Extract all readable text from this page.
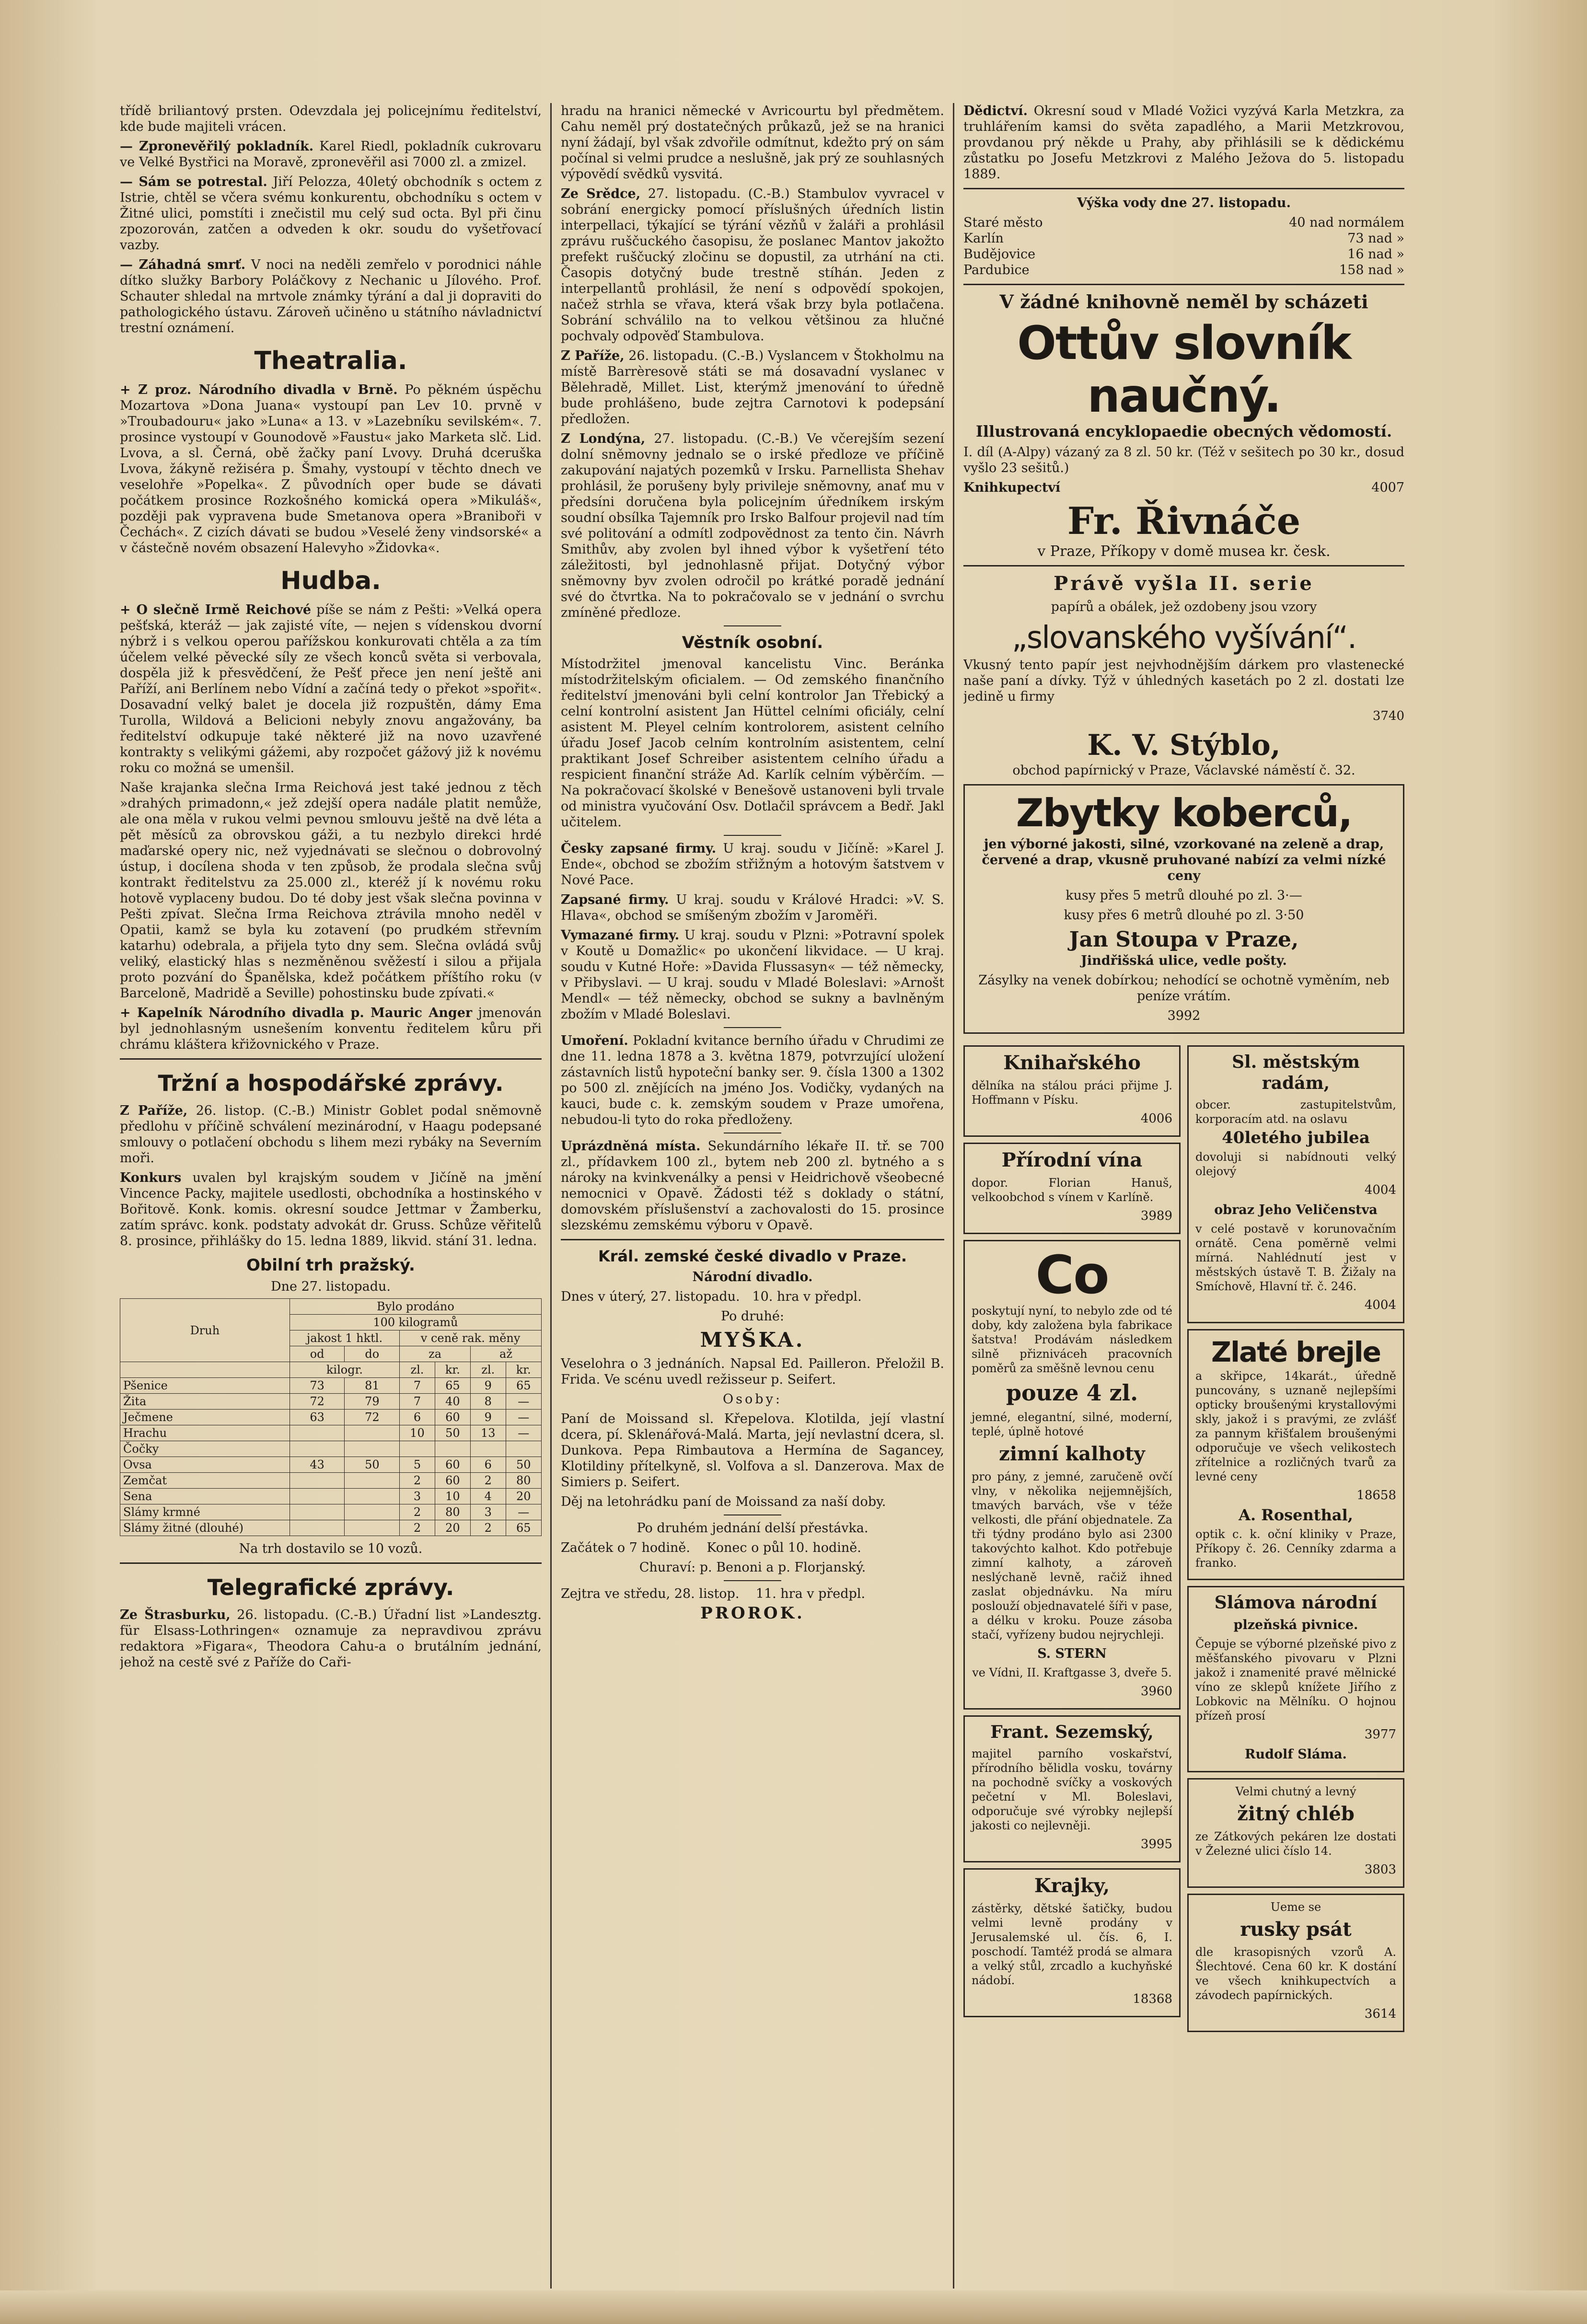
třídě briliantový prsten. Odevzdala jej policejnímu ředitelství, kde bude majiteli vrácen.

— Zpronevěřilý pokladník. Karel Riedl, pokladník cukrovaru ve Velké Bystřici na Moravě, zpronevěřil asi 7000 zl. a zmizel.

— Sám se potrestal. Jiří Pelozza, 40letý obchodník s octem z Istrie, chtěl se včera svému konkurentu, obchodníku s octem v Žitné ulici, pomstíti i znečistil mu celý sud octa. Byl při činu zpozorován, zatčen a odveden k okr. soudu do vyšetřovací vazby.

— Záhadná smrť. V noci na neděli zemřelo v porodnici náhle dítko služky Barbory Poláčkovy z Nechanic u Jílového. Prof. Schauter shledal na mrtvole známky týrání a dal ji dopraviti do pathologického ústavu. Zároveň učiněno u státního návladnictví trestní oznámení.

Theatralia.

+ Z proz. Národního divadla v Brně. Po pěkném úspěchu Mozartova »Dona Juana« vystoupí pan Lev 10. prvně v »Troubadouru« jako »Luna« a 13. v »Lazebníku sevilském«. 7. prosince vystoupí v Gounodově »Faustu« jako Marketa slč. Lid. Lvova, a sl. Černá, obě žačky paní Lvovy. Druhá dceruška Lvova, žákyně režiséra p. Šmahy, vystoupí v těchto dnech ve veselohře »Popelka«. Z původních oper bude se dávati počátkem prosince Rozkošného komická opera »Mikuláš«, později pak vypravena bude Smetanova opera »Braniboři v Čechách«. Z cizích dávati se budou »Veselé ženy vindsorské« a v částečně novém obsazení Halevyho »Židovka«.

Hudba.

+ O slečně Irmě Reichové píše se nám z Pešti: »Velká opera pešťská, kteráž — jak zajisté víte, — nejen s vídenskou dvorní nýbrž i s velkou operou pařížskou konkurovati chtěla a za tím účelem velké pěvecké síly ze všech konců světa si verbovala, dospěla již k přesvědčení, že Pešť přece jen není ještě ani Paříží, ani Berlínem nebo Vídní a začíná tedy o překot »spořit«. Dosavadní velký balet je docela již rozpuštěn, dámy Ema Turolla, Wildová a Belicioni nebyly znovu angažovány, ba ředitelství odkupuje také některé již na novo uzavřené kontrakty s velikými gážemi, aby rozpočet gážový již k novému roku co možná se umenšil.

Naše krajanka slečna Irma Reichová jest také jednou z těch »drahých primadonn,« jež zdejší opera nadále platit nemůže, ale ona měla v rukou velmi pevnou smlouvu ještě na dvě léta a pět měsíců za obrovskou gáži, a tu nezbylo direkci hrdé maďarské opery nic, než vyjednávati se slečnou o dobrovolný ústup, i docílena shoda v ten způsob, že prodala slečna svůj kontrakt ředitelstvu za 25.000 zl., kteréž jí k novému roku hotově vyplaceny budou. Do té doby jest však slečna povinna v Pešti zpívat. Slečna Irma Reichova ztrávila mnoho neděl v Opatii, kamž se byla ku zotavení (po prudkém střevním katarhu) odebrala, a přijela tyto dny sem. Slečna ovládá svůj veliký, elastický hlas s nezměněnou svěžestí i silou a přijala proto pozvání do Španělska, kdež počátkem příštího roku (v Barceloně, Madridě a Seville) pohostinsku bude zpívati.«

+ Kapelník Národního divadla p. Mauric Anger jmenován byl jednohlasným usnešením konventu ředitelem kůru při chrámu kláštera křižovnického v Praze.

Tržní a hospodářské zprávy.

Z Paříže, 26. listop. (C.-B.) Ministr Goblet podal sněmovně předlohu v příčině schválení mezinárodní, v Haagu podepsané smlouvy o potlačení obchodu s lihem mezi rybáky na Severním moři.

Konkurs uvalen byl krajským soudem v Jičíně na jmění Vincence Packy, majitele usedlosti, obchodníka a hostinského v Bořitově. Konk. komis. okresní soudce Jettmar v Žamberku, zatím správc. konk. podstaty advokát dr. Gruss. Schůze věřitelů 8. prosince, přihlášky do 15. ledna 1889, likvid. stání 31. ledna.

Obilní trh pražský.

Dne 27. listopadu.

Druh	Bylo prodáno					
	100 kilogramů					
	jakost 1 hktl.		v ceně rak. měny			
	od	do	za		až	
	kilogr.		zl.	kr.	zl.	kr.
Pšenice	73	81	7	65	9	65
Žita	72	79	7	40	8	—
Ječmene	63	72	6	60	9	—
Hrachu			10	50	13	—
Čočky						
Ovsa	43	50	5	60	6	50
Zemčat			2	60	2	80
Sena			3	10	4	20
Slámy krmné			2	80	3	—
Slámy žitné (dlouhé)			2	20	2	65

Na trh dostavilo se 10 vozů.

Telegrafické zprávy.

Ze Štrasburku, 26. listopadu. (C.-B.) Úřadní list »Landesztg. für Elsass-Lothringen« oznamuje za nepravdivou zprávu redaktora »Figara«, Theodora Cahu-a o brutálním jednání, jehož na cestě své z Paříže do Caři-

hradu na hranici německé v Avricourtu byl předmětem. Cahu neměl prý dostatečných průkazů, jež se na hranici nyní žádají, byl však zdvořile odmítnut, kdežto prý on sám počínal si velmi prudce a neslušně, jak prý ze souhlasných výpovědí svědků vysvitá.

Ze Srědce, 27. listopadu. (C.-B.) Stambulov vyvracel v sobrání energicky pomocí příslušných úředních listin interpellaci, týkající se týrání vězňů v žaláři a prohlásil zprávu ruščuckého časopisu, že poslanec Mantov jakožto prefekt ruščucký zločinu se dopustil, za utrhání na cti. Časopis dotyčný bude trestně stíhán. Jeden z interpellantů prohlásil, že není s odpovědí spokojen, načež strhla se vřava, která však brzy byla potlačena. Sobrání schválilo na to velkou většinou za hlučné pochvaly odpověď Stambulova.

Z Paříže, 26. listopadu. (C.-B.) Vyslancem v Štokholmu na místě Barrèresově státi se má dosavadní vyslanec v Bělehradě, Millet. List, kterýmž jmenování to úředně bude prohlášeno, bude zejtra Carnotovi k podepsání předložen.

Z Londýna, 27. listopadu. (C.-B.) Ve včerejším sezení dolní sněmovny jednalo se o irské předloze ve příčině zakupování najatých pozemků v Irsku. Parnellista Shehav prohlásil, že porušeny byly privileje sněmovny, anať mu v předsíni doručena byla policejním úředníkem irským soudní obsílka Tajemník pro Irsko Balfour projevil nad tím své politování a odmítl zodpovědnost za tento čin. Návrh Smithův, aby zvolen byl ihned výbor k vyšetření této záležitosti, byl jednohlasně přijat. Dotyčný výbor sněmovny byv zvolen odročil po krátké poradě jednání své do čtvrtka. Na to pokračovalo se v jednání o svrchu zmíněné předloze.

Věstník osobní.

Místodržitel jmenoval kancelistu Vinc. Beránka místodržitelským oficialem. — Od zemského finančního ředitelství jmenováni byli celní kontrolor Jan Třebický a celní kontrolní asistent Jan Hüttel celními oficiály, celní asistent M. Pleyel celním kontrolorem, asistent celního úřadu Josef Jacob celním kontrolním asistentem, celní praktikant Josef Schreiber asistentem celního úřadu a respicient finanční stráže Ad. Karlík celním výběrčím. — Na pokračovací školské v Benešově ustanoveni byli trvale od ministra vyučování Osv. Dotlačil správcem a Bedř. Jakl učitelem.

Česky zapsané firmy. U kraj. soudu v Jičíně: »Karel J. Ende«, obchod se zbožím střižným a hotovým šatstvem v Nové Pace.

Zapsané firmy. U kraj. soudu v Králové Hradci: »V. S. Hlava«, obchod se smíšeným zbožím v Jaroměři.

Vymazané firmy. U kraj. soudu v Plzni: »Potravní spolek v Koutě u Domažlic« po ukončení likvidace. — U kraj. soudu v Kutné Hoře: »Davida Flussasyn« — též německy, v Přibyslavi. — U kraj. soudu v Mladé Boleslavi: »Arnošt Mendl« — též německy, obchod se sukny a bavlněným zbožím v Mladé Boleslavi.

Umoření. Pokladní kvitance berního úřadu v Chrudimi ze dne 11. ledna 1878 a 3. května 1879, potvrzující uložení zástavních listů hypoteční banky ser. 9. čísla 1300 a 1302 po 500 zl. znějících na jméno Jos. Vodičky, vydaných na kauci, bude c. k. zemským soudem v Praze umořena, nebudou-li tyto do roka předloženy.

Uprázdněná místa. Sekundárního lékaře II. tř. se 700 zl., přídavkem 100 zl., bytem neb 200 zl. bytného a s nároky na kvinkvenálky a pensi v Heidrichově všeobecné nemocnici v Opavě. Žádosti též s doklady o státní, domovském příslušenství a zachovalosti do 15. prosince slezskému zemskému výboru v Opavě.

Král. zemské české divadlo v Praze.

Národní divadlo.

Dnes v úterý, 27. listopadu. 10. hra v předpl.

Po druhé:

MYŠKA.

Veselohra o 3 jednáních. Napsal Ed. Pailleron. Přeložil B. Frida. Ve scénu uvedl režisseur p. Seifert.

Osoby:

Paní de Moissand sl. Křepelova. Klotilda, její vlastní dcera, pí. Sklenářová-Malá. Marta, její nevlastní dcera, sl. Dunkova. Pepa Rimbautova a Hermína de Sagancey, Klotildiny přítelkyně, sl. Volfova a sl. Danzerova. Max de Simiers p. Seifert.

Děj na letohrádku paní de Moissand za naší doby.

Po druhém jednání delší přestávka.

Začátek o 7 hodině. Konec o půl 10. hodině.

Churaví: p. Benoni a p. Florjanský.

Zejtra ve středu, 28. listop. 11. hra v předpl.

PROROK.

Dědictví. Okresní soud v Mladé Vožici vyzývá Karla Metzkra, za truhlářením kamsi do světa zapadlého, a Marii Metzkrovou, provdanou prý někde u Prahy, aby přihlásili se k dědickému zůstatku po Josefu Metzkrovi z Malého Ježova do 5. listopadu 1889.

Výška vody dne 27. listopadu.

Staré město	40 nad normálem
Karlín	73 nad »
Budějovice	16 nad »
Pardubice	158 nad »

V žádné knihovně neměl by scházeti

Ottův slovník naučný.

Illustrovaná encyklopaedie obecných vědomostí.

I. díl (A-Alpy) vázaný za 8 zl. 50 kr. (Též v sešitech po 30 kr., dosud vyšlo 23 sešitů.)

Knihkupectví	4007

Fr. Řivnáče

v Praze, Příkopy v domě musea kr. česk.

Právě vyšla II. serie

papírů a obálek, jež ozdobeny jsou vzory

„slovanského vyšívání“.

Vkusný tento papír jest nejvhodnějším dárkem pro vlastenecké naše paní a dívky. Týž v úhledných kasetách po 2 zl. dostati lze jedině u firmy

3740

K. V. Stýblo,

obchod papírnický v Praze, Václavské náměstí č. 32.

Zbytky koberců,

jen výborné jakosti, silné, vzorkované na zeleně a drap, červené a drap, vkusně pruhované nabízí za velmi nízké ceny

kusy přes 5 metrů dlouhé po zl. 3·—

kusy přes 6 metrů dlouhé po zl. 3·50

Jan Stoupa v Praze,

Jindřišská ulice, vedle pošty.

Zásylky na venek dobírkou; nehodící se ochotně vyměním, neb peníze vrátím.

3992

Knihařského

dělníka na stálou práci přijme J. Hoffmann v Písku.

4006

Přírodní vína

dopor. Florian Hanuš, velkoobchod s vínem v Karlíně.

3989

Co

poskytují nyní, to nebylo zde od té doby, kdy založena byla fabrikace šatstva! Prodávám následkem silně přizniváceh pracovních poměrů za směšně levnou cenu

pouze 4 zl.

jemné, elegantní, silné, moderní, teplé, úplně hotové

zimní kalhoty

pro pány, z jemné, zaručeně ovčí vlny, v několika nejjemnějších, tmavých barvách, vše v téže velkosti, dle přání objednatele. Za tři týdny prodáno bylo asi 2300 takovýchto kalhot. Kdo potřebuje zimní kalhoty, a zároveň neslýchaně levně, račiž ihned zaslat objednávku. Na míru poslouží objednavatelé šíři v pase, a délku v kroku. Pouze zásoba stačí, vyřízeny budou nejrychleji.

S. STERN

ve Vídni, II. Kraftgasse 3, dveře 5.

3960

Frant. Sezemský,

majitel parního voskařství, přírodního bělidla vosku, továrny na pochodně svíčky a voskových pečetní v Ml. Boleslavi, odporučuje své výrobky nejlepší jakosti co nejlevněji.

3995

Krajky,

zástěrky, dětské šatičky, budou velmi levně prodány v Jerusalemské ul. čís. 6, I. poschodí. Tamtéž prodá se almara a velký stůl, zrcadlo a kuchyňské nádobí.

18368

Sl. městským radám,

obcer. zastupitelstvům, korporacím atd. na oslavu

40letého jubilea

dovoluji si nabídnouti velký olejový

4004

obraz Jeho Veličenstva

v celé postavě v korunovačním ornátě. Cena poměrně velmi mírná. Nahlédnutí jest v městských ústavě T. B. Žižaly na Smíchově, Hlavní tř. č. 246.

4004

Zlaté brejle

a skřipce, 14karát., úředně puncovány, s uznaně nejlepšími opticky broušenými krystallovými skly, jakož i s pravými, ze zvlášť za pannym křišťalem broušenými odporučuje ve všech velikostech zřítelnice a rozličných tvarů za levné ceny

18658

A. Rosenthal,

optik c. k. oční kliniky v Praze, Příkopy č. 26. Cenníky zdarma a franko.

Slámova národní

plzeňská pivnice.

Čepuje se výborné plzeňské pivo z měšťanského pivovaru v Plzni jakož i znamenité pravé mělnické víno ze sklepů knížete Jiřího z Lobkovic na Mělníku. O hojnou přízeň prosí

3977

Rudolf Sláma.

Velmi chutný a levný

žitný chléb

ze Zátkových pekáren lze dostati v Železné ulici číslo 14.

3803

Ueme se

rusky psát

dle krasopisných vzorů A. Šlechtové. Cena 60 kr. K dostání ve všech knihkupectvích a závodech papírnických.

3614
